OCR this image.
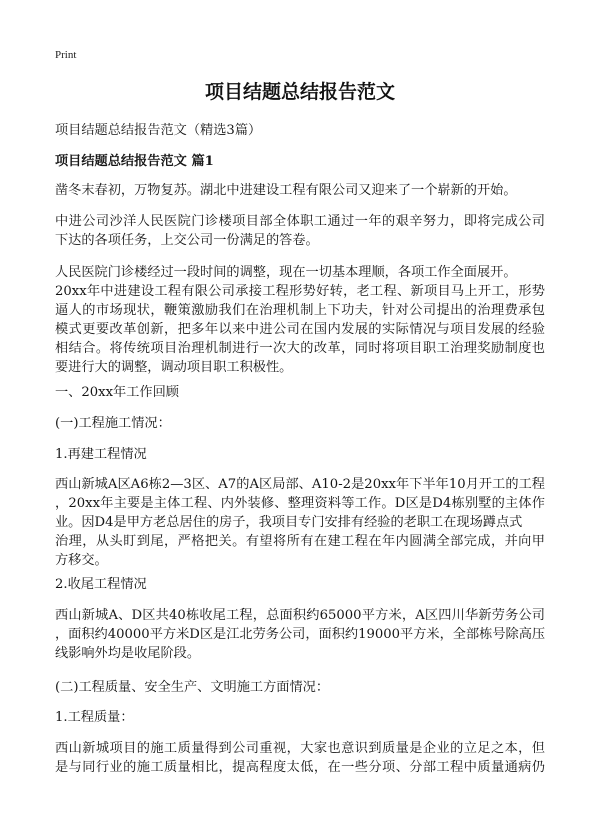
Print
项目结题总结报告范文
项目结题总结报告范文（精选3篇）
项目结题总结报告范文 篇1
凿冬末春初，万物复苏。湖北中进建设工程有限公司又迎来了一个崭新的开始。
中进公司沙洋人民医院门诊楼项目部全体职工通过一年的艰辛努力，即将完成公司
下达的各项任务，上交公司一份满足的答卷。
人民医院门诊楼经过一段时间的调整，现在一切基本理顺，各项工作全面展开。
20xx年中进建设工程有限公司承接工程形势好转，老工程、新项目马上开工，形势
逼人的市场现状，鞭策激励我们在治理机制上下功夫，针对公司提出的治理费承包
模式更要改革创新，把多年以来中进公司在国内发展的实际情况与项目发展的经验
相结合。将传统项目治理机制进行一次大的改革，同时将项目职工治理奖励制度也
要进行大的调整，调动项目职工积极性。
一、20xx年工作回顾
(一)工程施工情况：
1.再建工程情况
西山新城A区A6栋2—3区、A7的A区局部、A10-2是20xx年下半年10月开工的工程
，20xx年主要是主体工程、内外装修、整理资料等工作。D区是D4栋别墅的主体作
业。因D4是甲方老总居住的房子，我项目专门安排有经验的老职工在现场蹲点式
治理，从头盯到尾，严格把关。有望将所有在建工程在年内圆满全部完成，并向甲
方移交。
2.收尾工程情况
西山新城A、D区共40栋收尾工程，总面积约65000平方米，A区四川华新劳务公司
，面积约40000平方米D区是江北劳务公司，面积约19000平方米，全部栋号除高压
线影响外均是收尾阶段。
(二)工程质量、安全生产、文明施工方面情况：
1.工程质量：
西山新城项目的施工质量得到公司重视，大家也意识到质量是企业的立足之本，但
是与同行业的施工质量相比，提高程度太低，在一些分项、分部工程中质量通病仍
